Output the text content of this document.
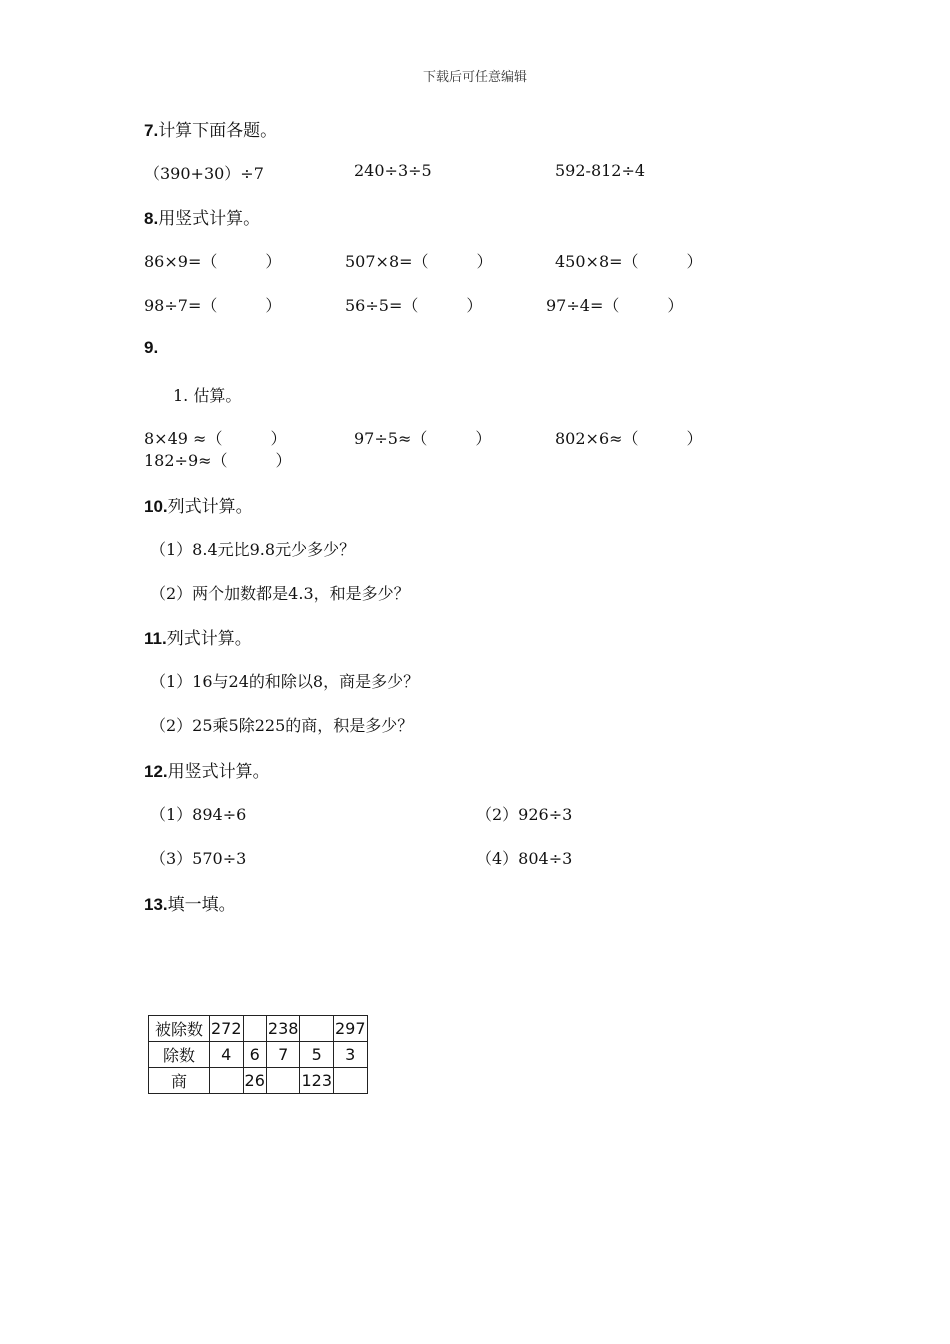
下载后可任意编辑
7.计算下面各题。
（390+30）÷7	240÷3÷5	592-812÷4
8.用竖式计算。
86×9=（　　　）	507×8=（　　　）	450×8=（　　　）
98÷7=（　　　）	56÷5=（　　　）	97÷4=（　　　）
9.
1. 估算。
8×49 ≈（　　　）	97÷5≈（　　　）	802×6≈（　　　）
182÷9≈（　　　）
10.列式计算。
（1）8.4元比9.8元少多少？
（2）两个加数都是4.3，和是多少？
11.列式计算。
（1）16与24的和除以8，商是多少？
（2）25乘5除225的商，积是多少？
12.用竖式计算。
（1）894÷6	（2）926÷3
（3）570÷3	（4）804÷3
13.填一填。
被除数	272		238		297
除数	4	6	7	5	3
商		26		123	
